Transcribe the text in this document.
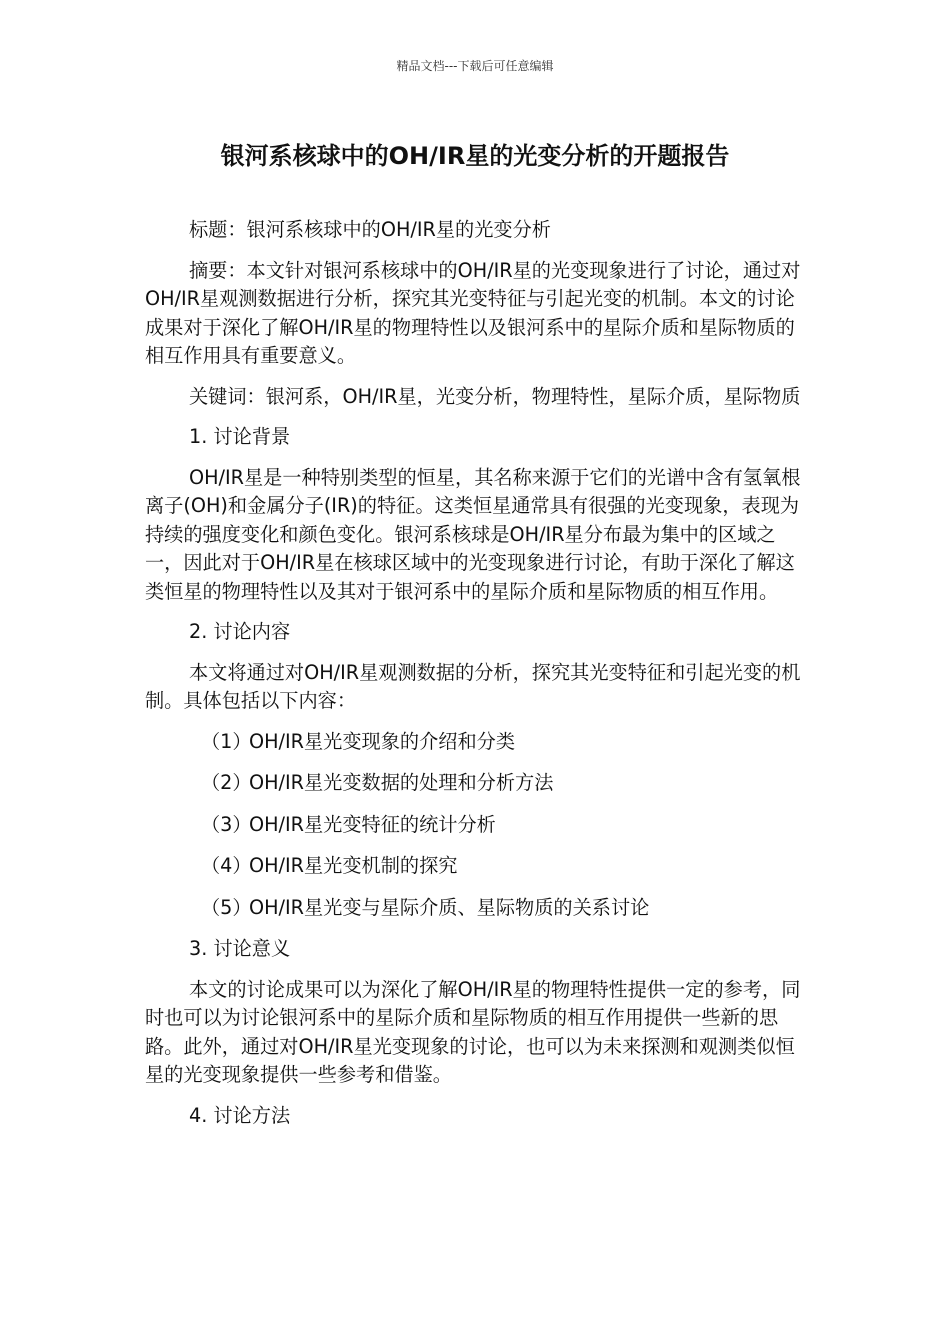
精品文档---下载后可任意编辑
银河系核球中的OH/IR星的光变分析的开题报告

标题：银河系核球中的OH/IR星的光变分析

摘要：本文针对银河系核球中的OH/IR星的光变现象进行了讨论，通过对OH/IR星观测数据进行分析，探究其光变特征与引起光变的机制。本文的讨论成果对于深化了解OH/IR星的物理特性以及银河系中的星际介质和星际物质的相互作用具有重要意义。

关键词：银河系，OH/IR星，光变分析，物理特性，星际介质，星际物质

1. 讨论背景

OH/IR星是一种特别类型的恒星，其名称来源于它们的光谱中含有氢氧根离子(OH)和金属分子(IR)的特征。这类恒星通常具有很强的光变现象，表现为持续的强度变化和颜色变化。银河系核球是OH/IR星分布最为集中的区域之一，因此对于OH/IR星在核球区域中的光变现象进行讨论，有助于深化了解这类恒星的物理特性以及其对于银河系中的星际介质和星际物质的相互作用。

2. 讨论内容

本文将通过对OH/IR星观测数据的分析，探究其光变特征和引起光变的机制。具体包括以下内容：

（1）OH/IR星光变现象的介绍和分类
（2）OH/IR星光变数据的处理和分析方法
（3）OH/IR星光变特征的统计分析
（4）OH/IR星光变机制的探究
（5）OH/IR星光变与星际介质、星际物质的关系讨论

3. 讨论意义

本文的讨论成果可以为深化了解OH/IR星的物理特性提供一定的参考，同时也可以为讨论银河系中的星际介质和星际物质的相互作用提供一些新的思路。此外，通过对OH/IR星光变现象的讨论，也可以为未来探测和观测类似恒星的光变现象提供一些参考和借鉴。

4. 讨论方法
